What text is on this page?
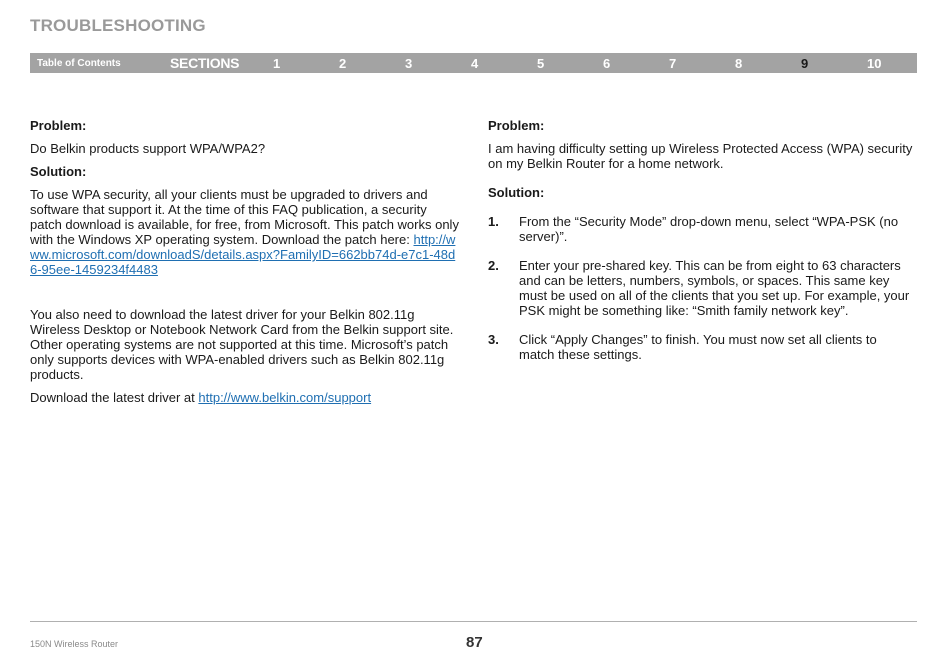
TROUBLESHOOTING
Table of Contents	SECTIONS	1	2	3	4	5	6	7	8	9	10
Problem:

Do Belkin products support WPA/WPA2?

Solution:

To use WPA security, all your clients must be upgraded to drivers and software that support it. At the time of this FAQ publication, a security patch download is available, for free, from Microsoft. This patch works only with the Windows XP operating system. Download the patch here: http://www.microsoft.com/downloadS/details.aspx?FamilyID=662bb74d-e7c1-48d6-95ee-1459234f4483

You also need to download the latest driver for your Belkin 802.11g Wireless Desktop or Notebook Network Card from the Belkin support site. Other operating systems are not supported at this time. Microsoft’s patch only supports devices with WPA-enabled drivers such as Belkin 802.11g products.

Download the latest driver at http://www.belkin.com/support

Problem:

I am having difficulty setting up Wireless Protected Access (WPA) security on my Belkin Router for a home network.

Solution:
1. From the “Security Mode” drop-down menu, select “WPA-PSK (no server)”.
2. Enter your pre-shared key. This can be from eight to 63 characters and can be letters, numbers, symbols, or spaces. This same key must be used on all of the clients that you set up. For example, your PSK might be something like: “Smith family network key”.
3. Click “Apply Changes” to finish. You must now set all clients to match these settings.
150N Wireless Router	87
